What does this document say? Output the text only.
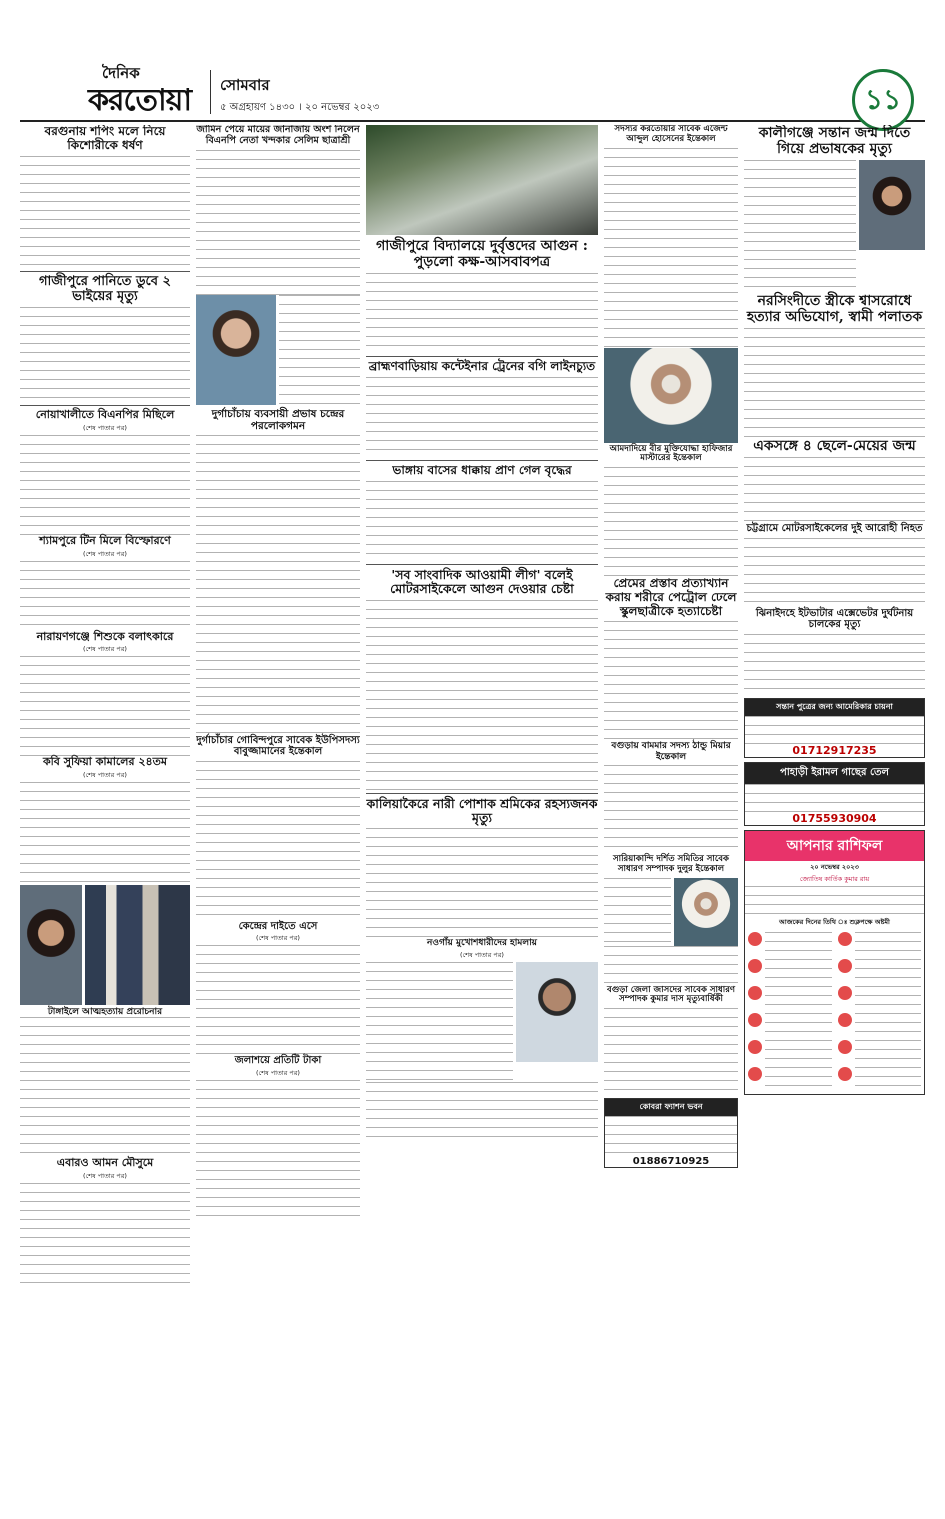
দৈনিক
করতোয়া সোমবার
৫ অগ্রহায়ণ ১৪৩০ । ২০ নভেম্বর ২০২৩	১১
বরগুনায় শপিং মলে নিয়ে কিশোরীকে ধর্ষণ
গাজীপুরে পানিতে ডুবে ২ ভাইয়ের মৃত্যু
নোয়াখালীতে বিএনপির মিছিলে
(শেষ পাতার পর)
শ্যামপুরে টিন মিলে বিস্ফোরণে
(শেষ পাতার পর)
নারায়ণগঞ্জে শিশুকে বলাৎকারে
(শেষ পাতার পর)
কবি সুফিয়া কামালের ২৪তম
(শেষ পাতার পর)
টাঙ্গাইলে আত্মহত্যায় প্ররোচনার
এবারও আমন মৌসুমে
(শেষ পাতার পর)
জামিন পেয়ে মায়ের জানাজায় অংশ নিলেন বিএনপি নেতা খন্দকার সেলিম ছাত্রাশ্রী
দুর্গাচাঁচায় ব্যবসায়ী প্রভাষ চন্দ্রের পরলোকগমন
দুর্গাচাঁচার গোবিন্দপুরে সাবেক ইউপিসদস্য বাবুজ্জামানের ইন্তেকাল
কেন্দ্রের দাইতে এসে
(শেষ পাতার পর)
জলাশয়ে প্রতিটি টাকা
(শেষ পাতার পর)
গাজীপুরে বিদ্যালয়ে দুর্বৃত্তদের আগুন : পুড়লো কক্ষ-আসবাবপত্র
ব্রাহ্মণবাড়িয়ায় কন্টেইনার ট্রেনের বগি লাইনচ্যুত
ভাঙ্গায় বাসের ধাক্কায় প্রাণ গেল বৃদ্ধের
'সব সাংবাদিক আওয়ামী লীগ' বলেই মোটরসাইকেলে আগুন দেওয়ার চেষ্টা
কালিয়াকৈরে নারী পোশাক শ্রমিকের রহস্যজনক মৃত্যু
নওগাঁয় মুখোশধারীদের হামলায়
(শেষ পাতার পর)
সদস্যর করতোয়ার সাবেক এজেন্ট আব্দুল হোসেনের ইন্তেকাল
আমদাদিয়ে বীর মুক্তিযোদ্ধা হাফিজার মাস্টারের ইন্তেকাল
প্রেমের প্রস্তাব প্রত্যাখ্যান করায় শরীরে পেট্রোল ঢেলে স্কুলছাত্রীকে হত্যাচেষ্টা
বগুড়ায় বামমার সদস্য ঠান্ডু মিয়ার ইন্তেকাল
সারিয়াকান্দি দর্শিত সমিতির সাবেক সাধারণ সম্পাদক দুলুর ইন্তেকাল
বগুড়া জেলা জাসদের সাবেক সাধারণ সম্পাদক কুমার দাস মৃত্যুবার্ষিকী
কোবরা ফ্যাশন ভবন
01886710925
কালীগঞ্জে সন্তান জন্ম দিতে গিয়ে প্রভাষকের মৃত্যু
নরসিংদীতে স্ত্রীকে শ্বাসরোধে হত্যার অভিযোগ, স্বামী পলাতক
একসঙ্গে ৪ ছেলে-মেয়ের জন্ম
চট্টগ্রামে মোটরসাইকেলের দুই আরোহী নিহত
ঝিনাইদহে ইটভাটার এক্সেভেটর দুর্ঘটনায় চালকের মৃত্যু
সন্তান পুত্রের জন্য আমেরিকার চায়না
01712917235
পাহাড়ী ইরামল গাছের তেল
01755930904
আপনার রাশিফল
২০ নভেম্বর ২০২৩
জ্যোতিষ কার্তিক কুমার রায়
আজকের দিনের তিথি ঃ শুক্লপক্ষে অষ্টমী
